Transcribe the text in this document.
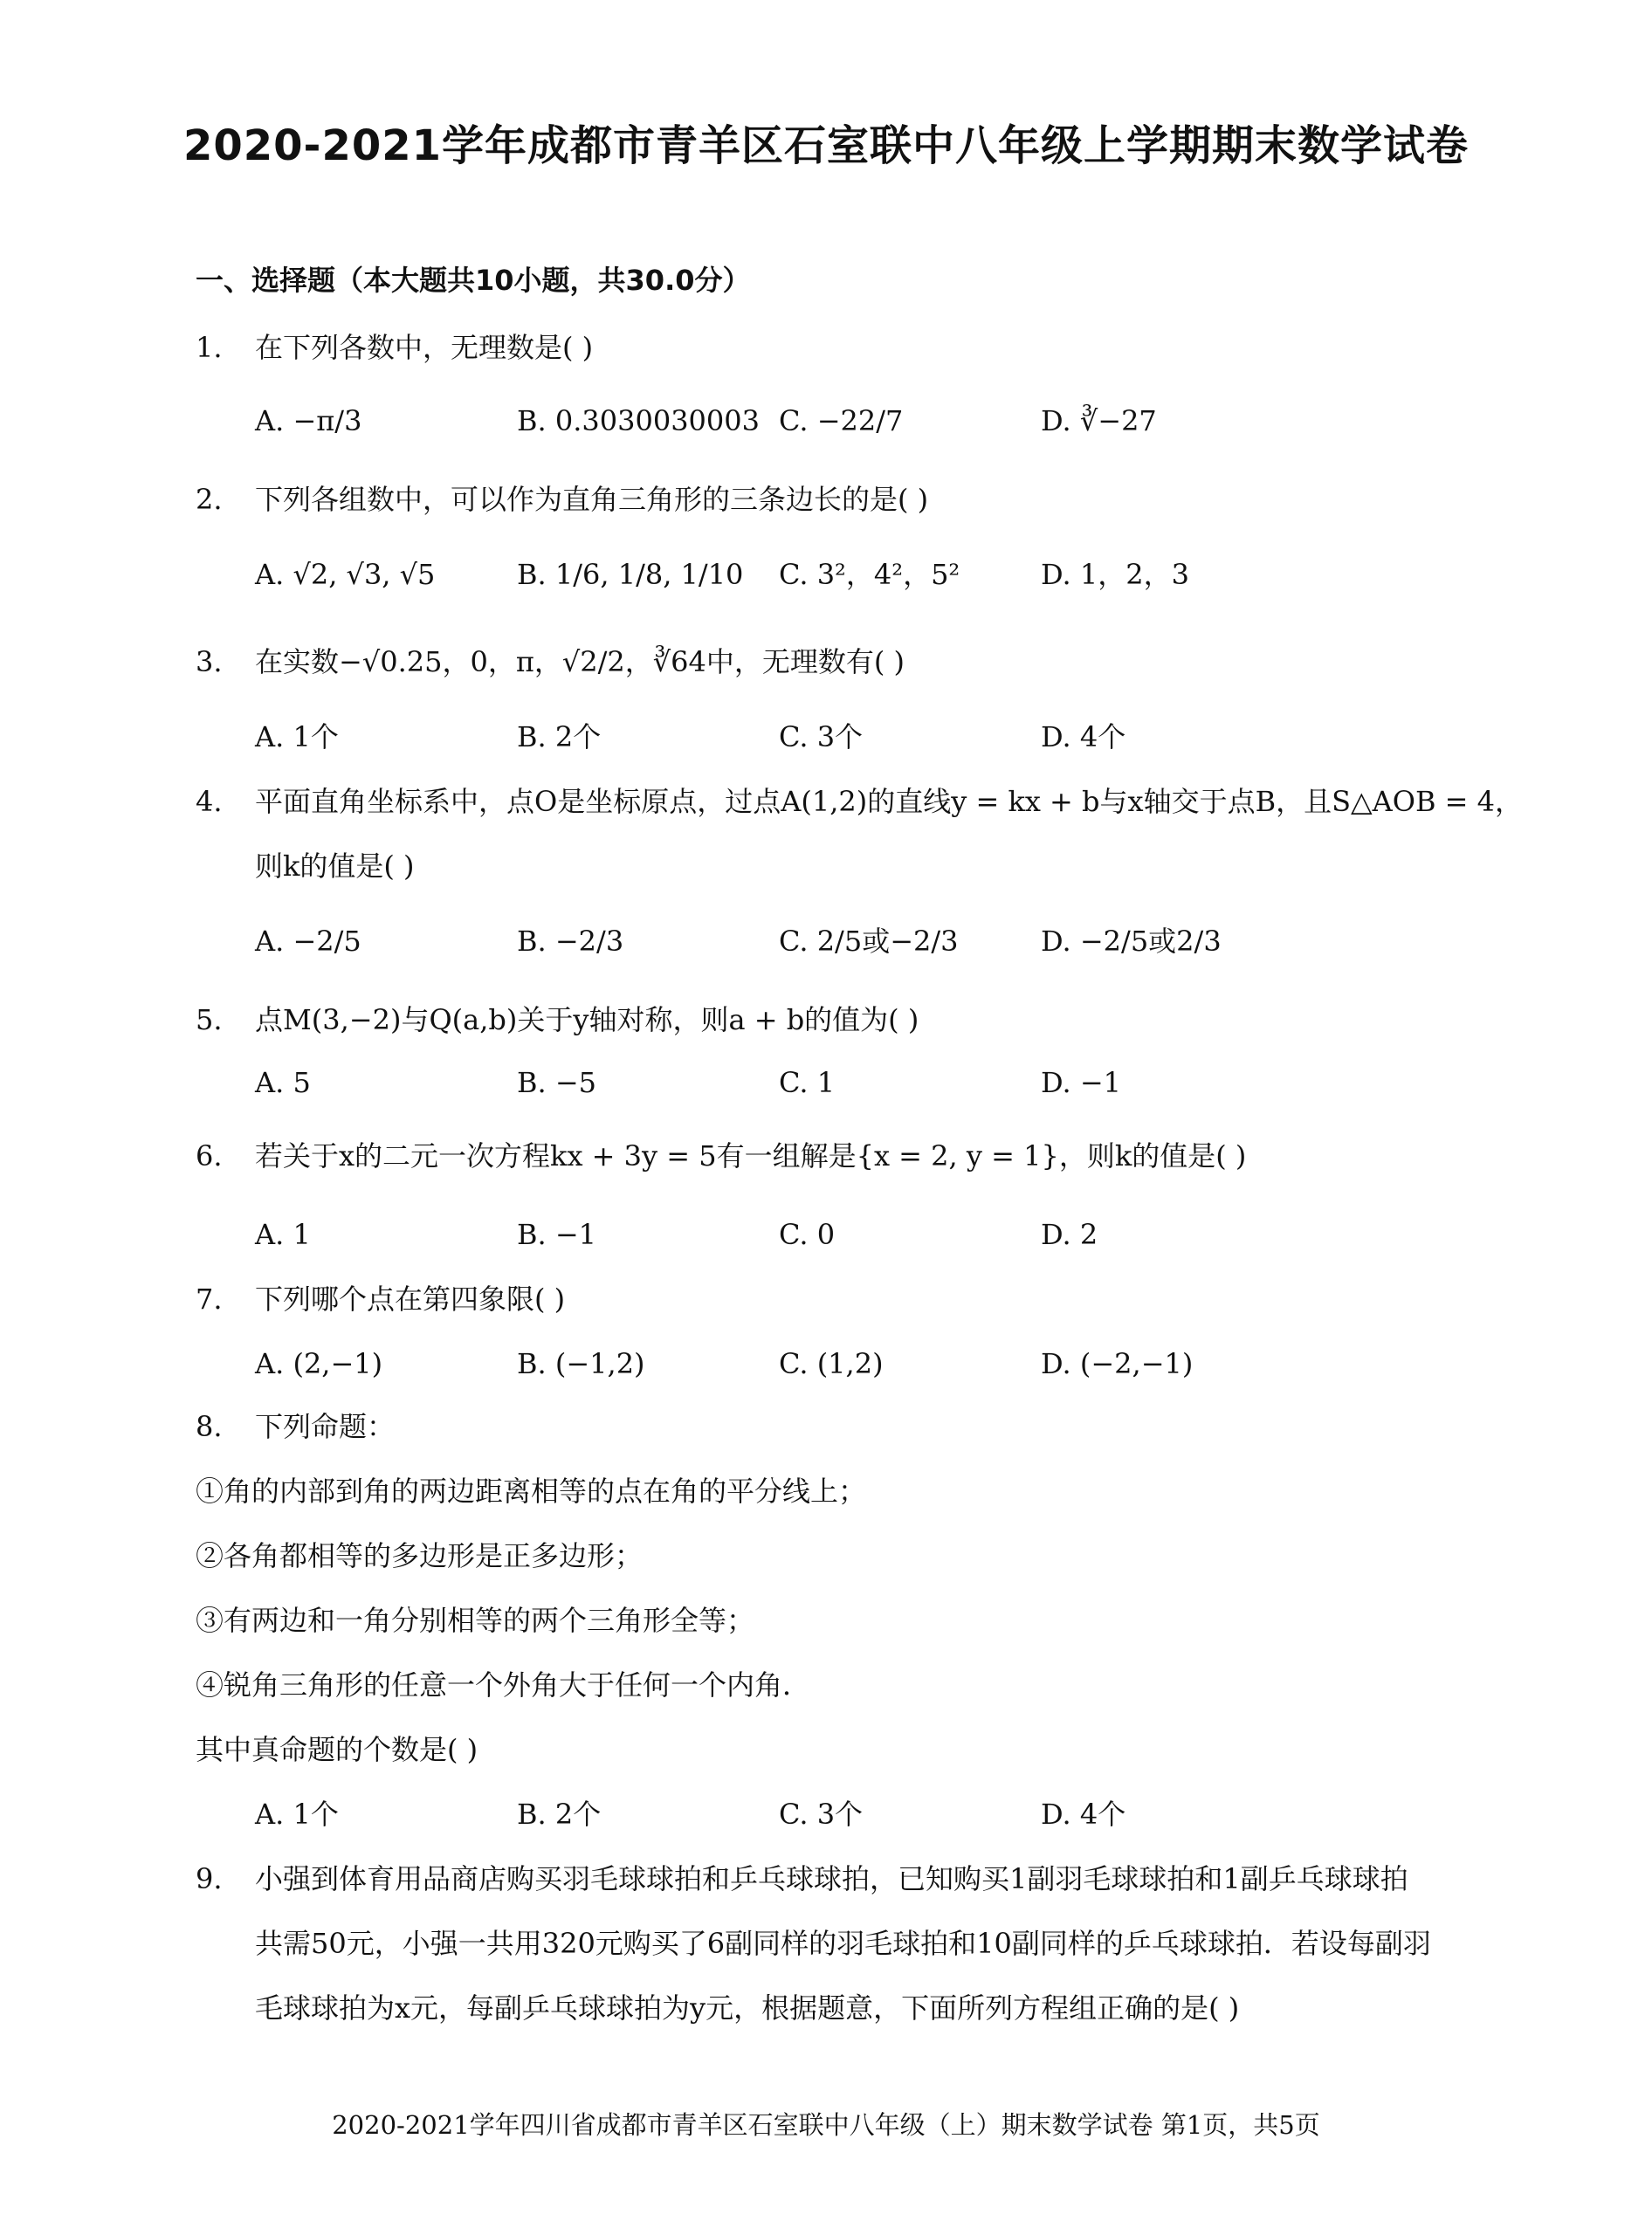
2020-2021学年成都市青羊区石室联中八年级上学期期末数学试卷
一、选择题（本大题共10小题，共30.0分）
1. 在下列各数中，无理数是( )
A. −π/3	B. 0.3030030003 C. −22/7	D. ∛−27
2. 下列各组数中，可以作为直角三角形的三条边长的是( )
A. √2, √3, √5	B. 1/6, 1/8, 1/10 C. 3²，4²，5²	D. 1，2，3
3. 在实数−√0.25，0，π，√2/2，∛64中，无理数有( )
A. 1个	B. 2个	C. 3个	D. 4个
4. 平面直角坐标系中，点O是坐标原点，过点A(1,2)的直线y = kx + b与x轴交于点B，且S△AOB = 4，
则k的值是( )
A. −2/5	B. −2/3	C. 2/5或−2/3	D. −2/5或2/3
5. 点M(3,−2)与Q(a,b)关于y轴对称，则a + b的值为( )
A. 5	B. −5	C. 1	D. −1
6. 若关于x的二元一次方程kx + 3y = 5有一组解是{x = 2, y = 1}，则k的值是( )
A. 1	B. −1	C. 0	D. 2
7. 下列哪个点在第四象限( )
A. (2,−1)	B. (−1,2)	C. (1,2)	D. (−2,−1)
8. 下列命题：
①角的内部到角的两边距离相等的点在角的平分线上；
②各角都相等的多边形是正多边形；
③有两边和一角分别相等的两个三角形全等；
④锐角三角形的任意一个外角大于任何一个内角．
其中真命题的个数是( )
A. 1个	B. 2个	C. 3个	D. 4个
9. 小强到体育用品商店购买羽毛球球拍和乒乓球球拍，已知购买1副羽毛球球拍和1副乒乓球球拍
共需50元，小强一共用320元购买了6副同样的羽毛球拍和10副同样的乒乓球球拍．若设每副羽
毛球球拍为x元，每副乒乓球球拍为y元，根据题意，下面所列方程组正确的是( )
2020-2021学年四川省成都市青羊区石室联中八年级（上）期末数学试卷 第1页，共5页
